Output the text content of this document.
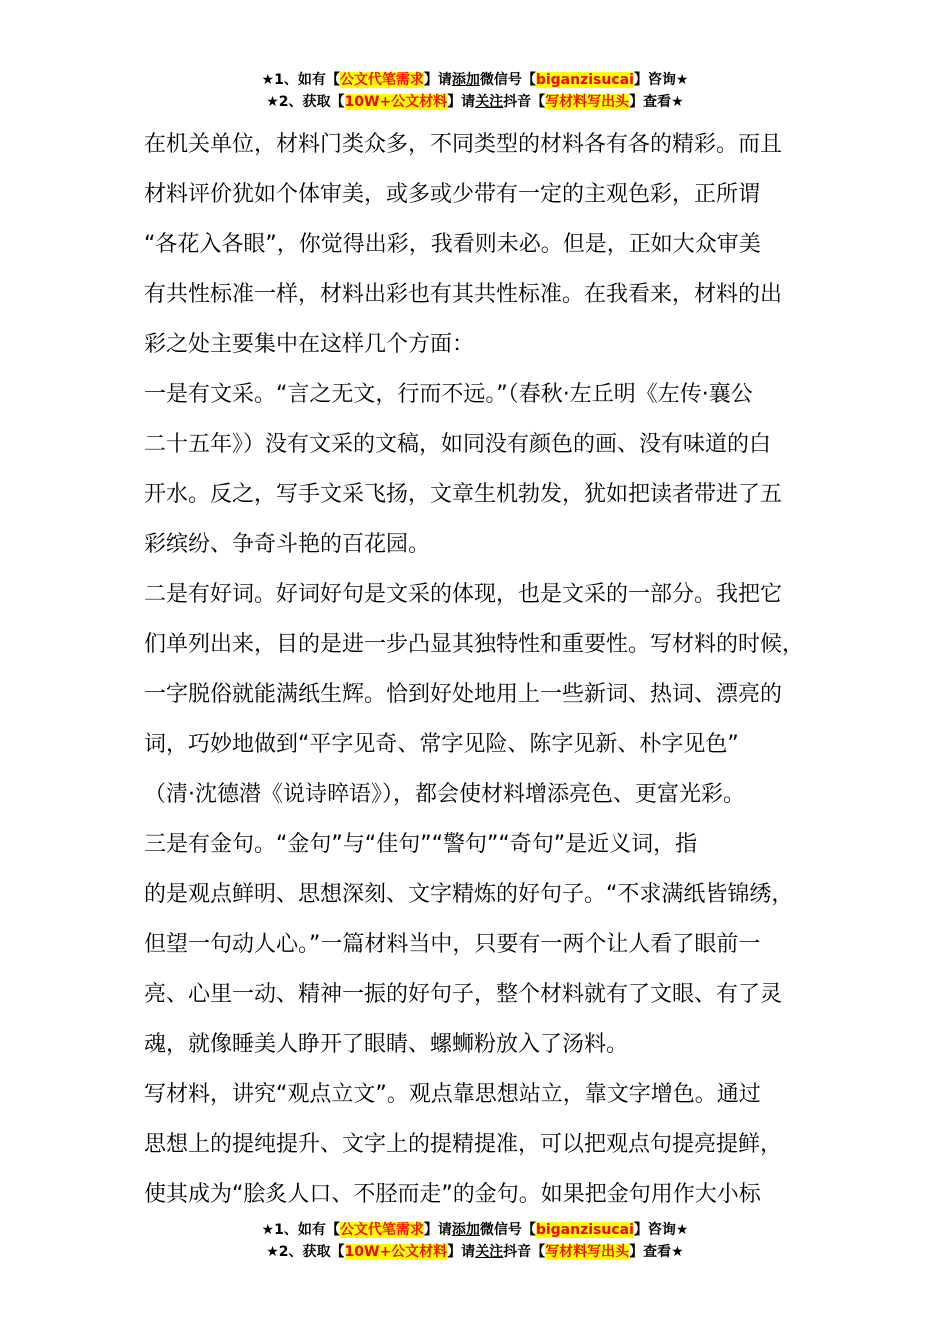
★1、如有【公文代笔需求】请添加微信号【biganzisucai】咨询★
★2、获取【10W+公文材料】请关注抖音【写材料写出头】查看★
在机关单位，材料门类众多，不同类型的材料各有各的精彩。而且
材料评价犹如个体审美，或多或少带有一定的主观色彩，正所谓
“各花入各眼”，你觉得出彩，我看则未必。但是，正如大众审美
有共性标准一样，材料出彩也有其共性标准。在我看来，材料的出
彩之处主要集中在这样几个方面：
一是有文采。“言之无文，行而不远。”（春秋·左丘明《左传·襄公
二十五年》）没有文采的文稿，如同没有颜色的画、没有味道的白
开水。反之，写手文采飞扬，文章生机勃发，犹如把读者带进了五
彩缤纷、争奇斗艳的百花园。
二是有好词。好词好句是文采的体现，也是文采的一部分。我把它
们单列出来，目的是进一步凸显其独特性和重要性。写材料的时候，
一字脱俗就能满纸生辉。恰到好处地用上一些新词、热词、漂亮的
词，巧妙地做到“平字见奇、常字见险、陈字见新、朴字见色”
（清·沈德潜《说诗晬语》），都会使材料增添亮色、更富光彩。
三是有金句。“金句”与“佳句”“警句”“奇句”是近义词，指
的是观点鲜明、思想深刻、文字精炼的好句子。“不求满纸皆锦绣，
但望一句动人心。”一篇材料当中，只要有一两个让人看了眼前一
亮、心里一动、精神一振的好句子，整个材料就有了文眼、有了灵
魂，就像睡美人睁开了眼睛、螺蛳粉放入了汤料。
写材料，讲究“观点立文”。观点靠思想站立，靠文字增色。通过
思想上的提纯提升、文字上的提精提准，可以把观点句提亮提鲜，
使其成为“脍炙人口、不胫而走”的金句。如果把金句用作大小标
★1、如有【公文代笔需求】请添加微信号【biganzisucai】咨询★
★2、获取【10W+公文材料】请关注抖音【写材料写出头】查看★
